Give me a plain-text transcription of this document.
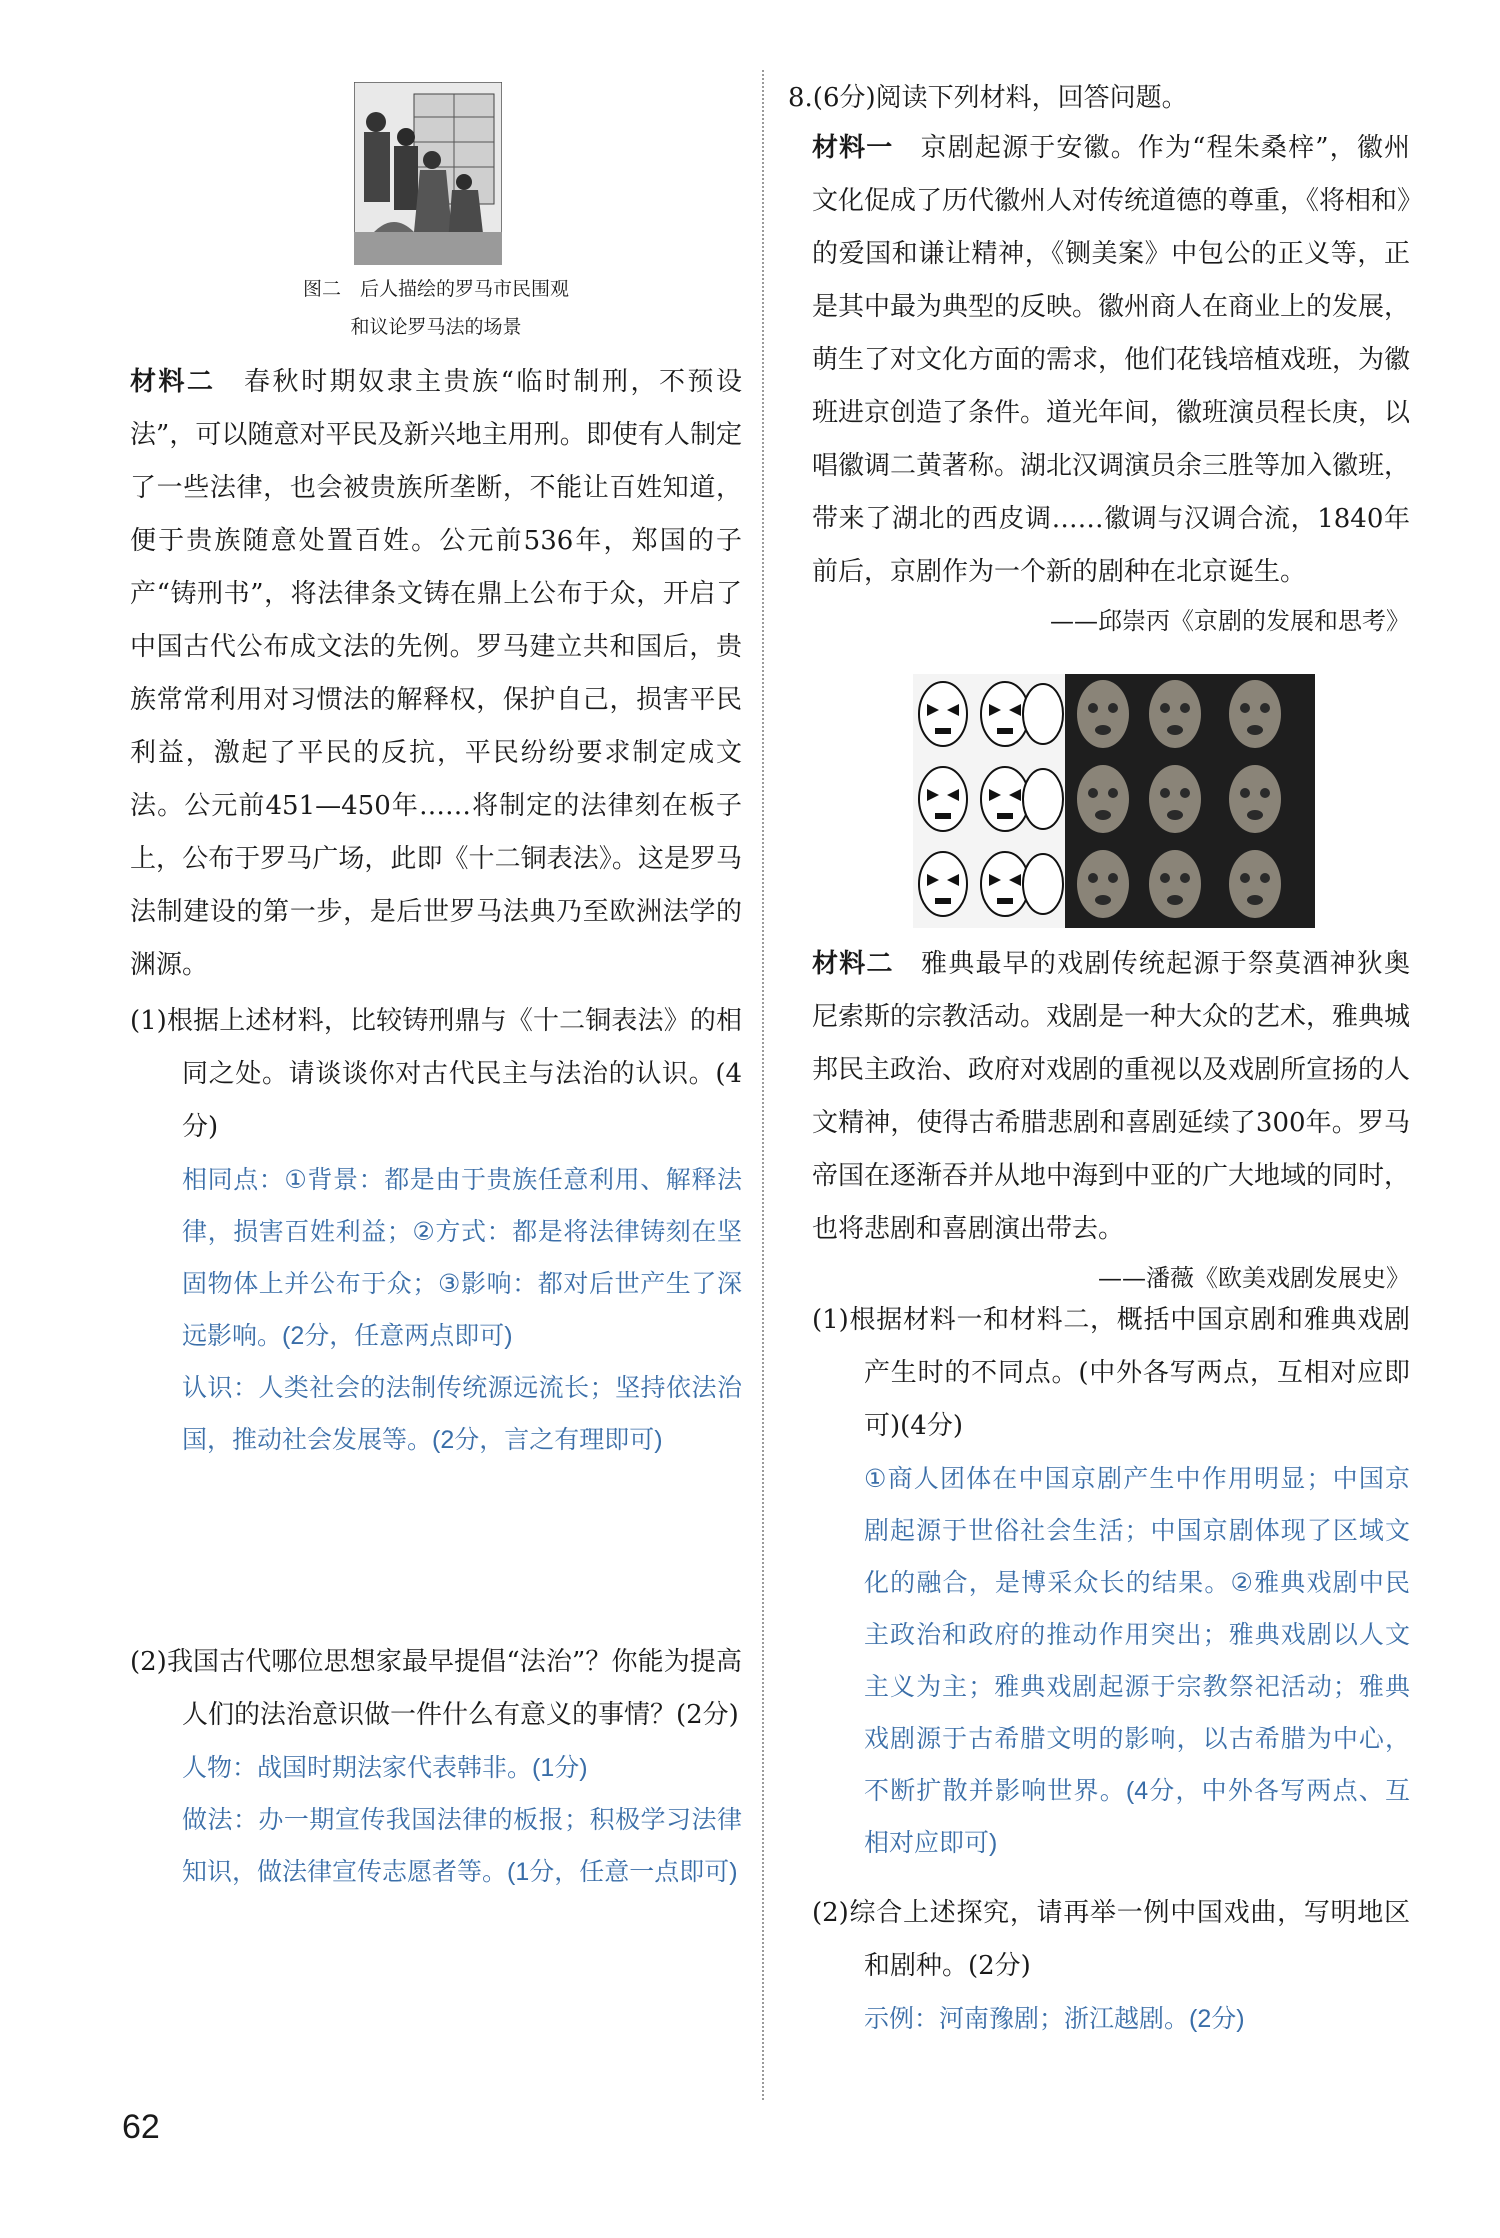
图二　后人描绘的罗马市民围观

和议论罗马法的场景

材料二　 春秋时期奴隶主贵族“临时制刑，不预设法”，可以随意对平民及新兴地主用刑。即使有人制定了一些法律，也会被贵族所垄断，不能让百姓知道，便于贵族随意处置百姓。公元前536年，郑国的子产“铸刑书”，将法律条文铸在鼎上公布于众，开启了中国古代公布成文法的先例。罗马建立共和国后，贵族常常利用对习惯法的解释权，保护自己，损害平民利益，激起了平民的反抗，平民纷纷要求制定成文法。公元前451—450年……将制定的法律刻在板子上，公布于罗马广场，此即《十二铜表法》。这是罗马法制建设的第一步，是后世罗马法典乃至欧洲法学的渊源。

(1)根据上述材料，比较铸刑鼎与《十二铜表法》的相同之处。请谈谈你对古代民主与法治的认识。(4分)

相同点：①背景：都是由于贵族任意利用、解释法律，损害百姓利益；②方式：都是将法律铸刻在坚固物体上并公布于众；③影响：都对后世产生了深远影响。(2分，任意两点即可)

认识：人类社会的法制传统源远流长；坚持依法治国，推动社会发展等。(2分，言之有理即可)

(2)我国古代哪位思想家最早提倡“法治”？你能为提高人们的法治意识做一件什么有意义的事情？(2分)

人物：战国时期法家代表韩非。(1分)

做法：办一期宣传我国法律的板报；积极学习法律知识，做法律宣传志愿者等。(1分，任意一点即可)

8.(6分)阅读下列材料，回答问题。

材料一　 京剧起源于安徽。作为“程朱桑梓”，徽州文化促成了历代徽州人对传统道德的尊重，《将相和》的爱国和谦让精神，《铡美案》中包公的正义等，正是其中最为典型的反映。徽州商人在商业上的发展，萌生了对文化方面的需求，他们花钱培植戏班，为徽班进京创造了条件。道光年间，徽班演员程长庚，以唱徽调二黄著称。湖北汉调演员余三胜等加入徽班，带来了湖北的西皮调……徽调与汉调合流，1840年前后，京剧作为一个新的剧种在北京诞生。

——邱崇丙《京剧的发展和思考》

材料二　 雅典最早的戏剧传统起源于祭莫酒神狄奥尼索斯的宗教活动。戏剧是一种大众的艺术，雅典城邦民主政治、政府对戏剧的重视以及戏剧所宣扬的人文精神，使得古希腊悲剧和喜剧延续了300年。罗马帝国在逐渐吞并从地中海到中亚的广大地域的同时，也将悲剧和喜剧演出带去。

——潘薇《欧美戏剧发展史》

(1)根据材料一和材料二，概括中国京剧和雅典戏剧产生时的不同点。(中外各写两点，互相对应即可)(4分)

①商人团体在中国京剧产生中作用明显；中国京剧起源于世俗社会生活；中国京剧体现了区域文化的融合，是博采众长的结果。②雅典戏剧中民主政治和政府的推动作用突出；雅典戏剧以人文主义为主；雅典戏剧起源于宗教祭祀活动；雅典戏剧源于古希腊文明的影响，以古希腊为中心，不断扩散并影响世界。(4分，中外各写两点、互相对应即可)

(2)综合上述探究，请再举一例中国戏曲，写明地区和剧种。(2分)

示例：河南豫剧；浙江越剧。(2分)

62
